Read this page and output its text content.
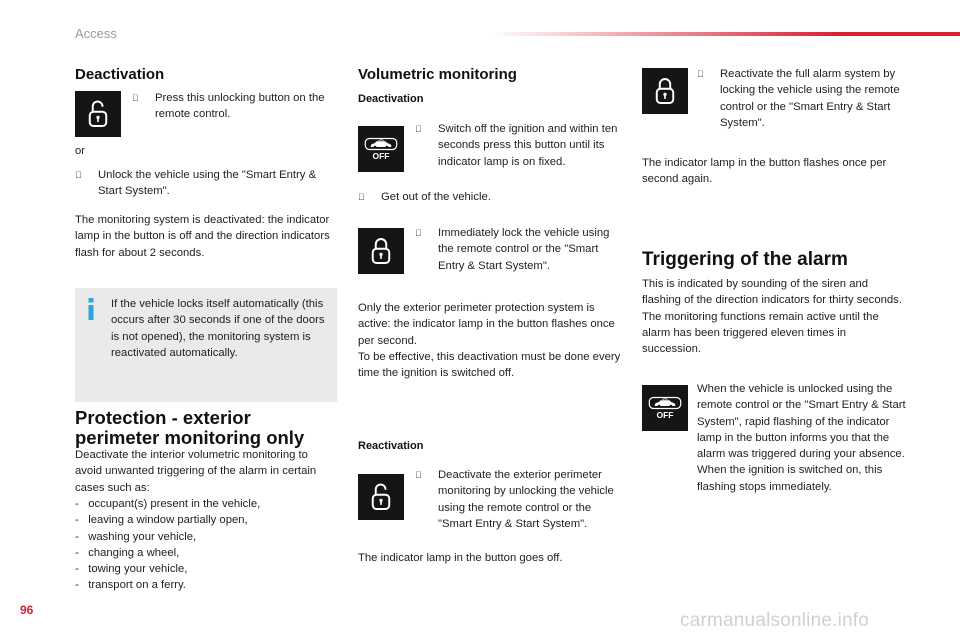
Access
Deactivation
Press this unlocking button on the remote control.
or
Unlock the vehicle using the "Smart Entry & Start System".
The monitoring system is deactivated: the indicator lamp in the button is off and the direction indicators flash for about 2 seconds.
If the vehicle locks itself automatically (this occurs after 30 seconds if one of the doors is not opened), the monitoring system is reactivated automatically.
Protection - exterior
perimeter monitoring only
Deactivate the interior volumetric monitoring to avoid unwanted triggering of the alarm in certain cases such as:
-   occupant(s) present in the vehicle,
-   leaving a window partially open,
-   washing your vehicle,
-   changing a wheel,
-   towing your vehicle,
-   transport on a ferry.
Volumetric monitoring
Deactivation
OFF
Switch off the ignition and within ten seconds press this button until its indicator lamp is on fixed.
Get out of the vehicle.
Immediately lock the vehicle using the remote control or the "Smart Entry & Start System".
Only the exterior perimeter protection system is active: the indicator lamp in the button flashes once per second.
To be effective, this deactivation must be done every time the ignition is switched off.
Reactivation
Deactivate the exterior perimeter monitoring by unlocking the vehicle using the remote control or the "Smart Entry & Start System".
The indicator lamp in the button goes off.
Reactivate the full alarm system by locking the vehicle using the remote control or the "Smart Entry & Start System".
The indicator lamp in the button flashes once per second again.
Triggering of the alarm
This is indicated by sounding of the siren and flashing of the direction indicators for thirty seconds.
The monitoring functions remain active until the alarm has been triggered eleven times in succession.
OFF
When the vehicle is unlocked using the remote control or the "Smart Entry & Start System", rapid flashing of the indicator lamp in the button informs you that the alarm was triggered during your absence.
When the ignition is switched on, this flashing stops immediately.
96	carmanualsonline.info
